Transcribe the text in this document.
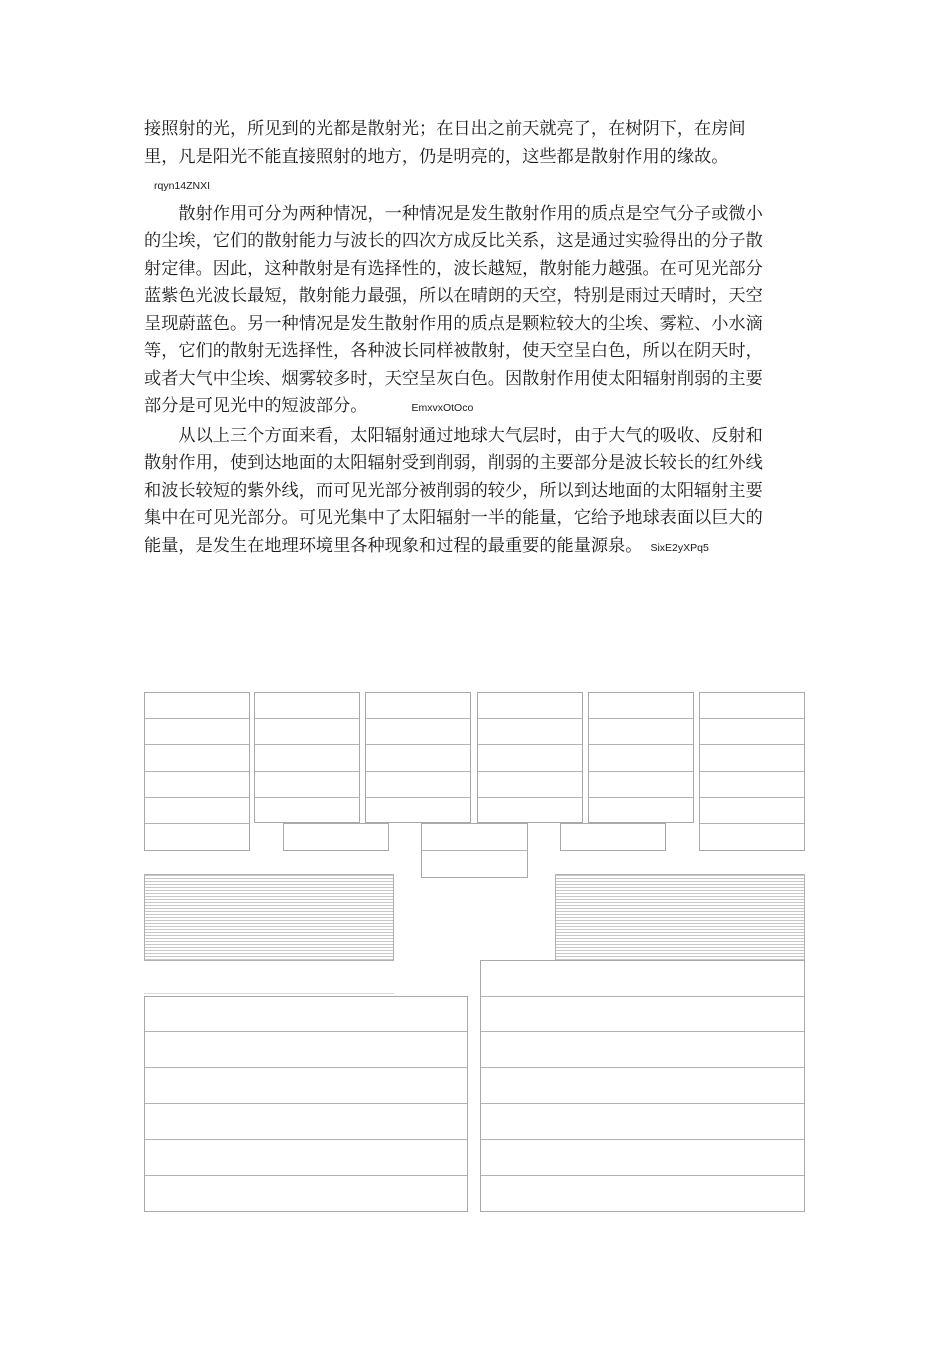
接照射的光，所见到的光都是散射光；在日出之前天就亮了，在树阴下，在房间里，凡是阳光不能直接照射的地方，仍是明亮的，这些都是散射作用的缘故。rqyn14ZNXI

散射作用可分为两种情况，一种情况是发生散射作用的质点是空气分子或微小的尘埃，它们的散射能力与波长的四次方成反比关系，这是通过实验得出的分子散射定律。因此，这种散射是有选择性的，波长越短，散射能力越强。在可见光部分蓝紫色光波长最短，散射能力最强，所以在晴朗的天空，特别是雨过天晴时，天空呈现蔚蓝色。另一种情况是发生散射作用的质点是颗粒较大的尘埃、雾粒、小水滴等，它们的散射无选择性，各种波长同样被散射，使天空呈白色，所以在阴天时，或者大气中尘埃、烟雾较多时，天空呈灰白色。因散射作用使太阳辐射削弱的主要部分是可见光中的短波部分。	EmxvxOtOco

从以上三个方面来看，太阳辐射通过地球大气层时，由于大气的吸收、反射和散射作用，使到达地面的太阳辐射受到削弱，削弱的主要部分是波长较长的红外线和波长较短的紫外线，而可见光部分被削弱的较少，所以到达地面的太阳辐射主要集中在可见光部分。可见光集中了太阳辐射一半的能量，它给予地球表面以巨大的能量，是发生在地理环境里各种现象和过程的最重要的能量源泉。 SixE2yXPq5
